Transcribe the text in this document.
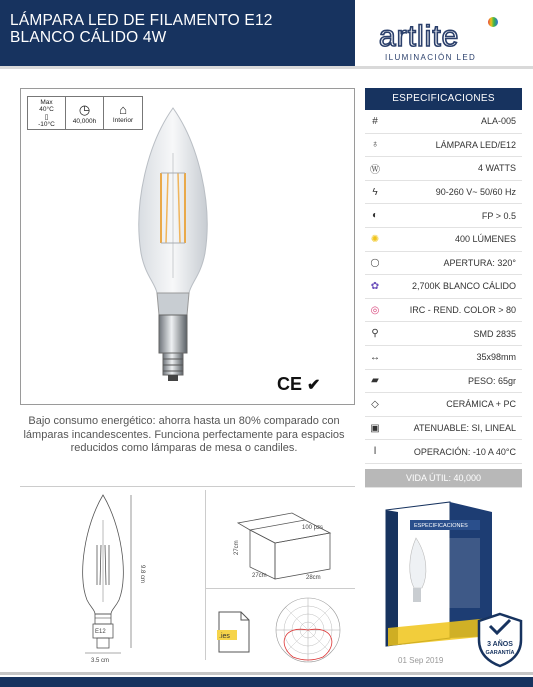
LÁMPARA LED DE FILAMENTO E12
BLANCO CÁLIDO 4W	artlite
ILUMINACIÓN LED
Max
40°C
▯
-10°C
◷
40,000h
⌂
Interior
CE ✔
Bajo consumo energético: ahorra hasta un 80% comparado con lámparas incandescentes. Funciona perfectamente para espacios reducidos como lámparas de mesa o candiles.
ESPECIFICACIONES
#	ALA-005
♁	LÁMPARA LED/E12
Ⓦ	4 WATTS
ϟ	90-260 V~ 50/60 Hz
◐	FP > 0.5
✺	400 LÚMENES
◯	APERTURA: 320°
✿	2,700K BLANCO CÁLIDO
◎	IRC - REND. COLOR > 80
⚲	SMD 2835
↔	35x98mm
▰	PESO: 65gr
◇	CERÁMICA + PC
▣	ATENUABLE: SI, LINEAL
ǀ	OPERACIÓN: -10 A 40°C
VIDA ÚTIL: 40,000
E12
3.5 cm
9.8 cm
100 pzs
27cm
27cm	28cm
.ies
ESPECIFICACIONES
3 AÑOS
GARANTÍA
01 Sep 2019
